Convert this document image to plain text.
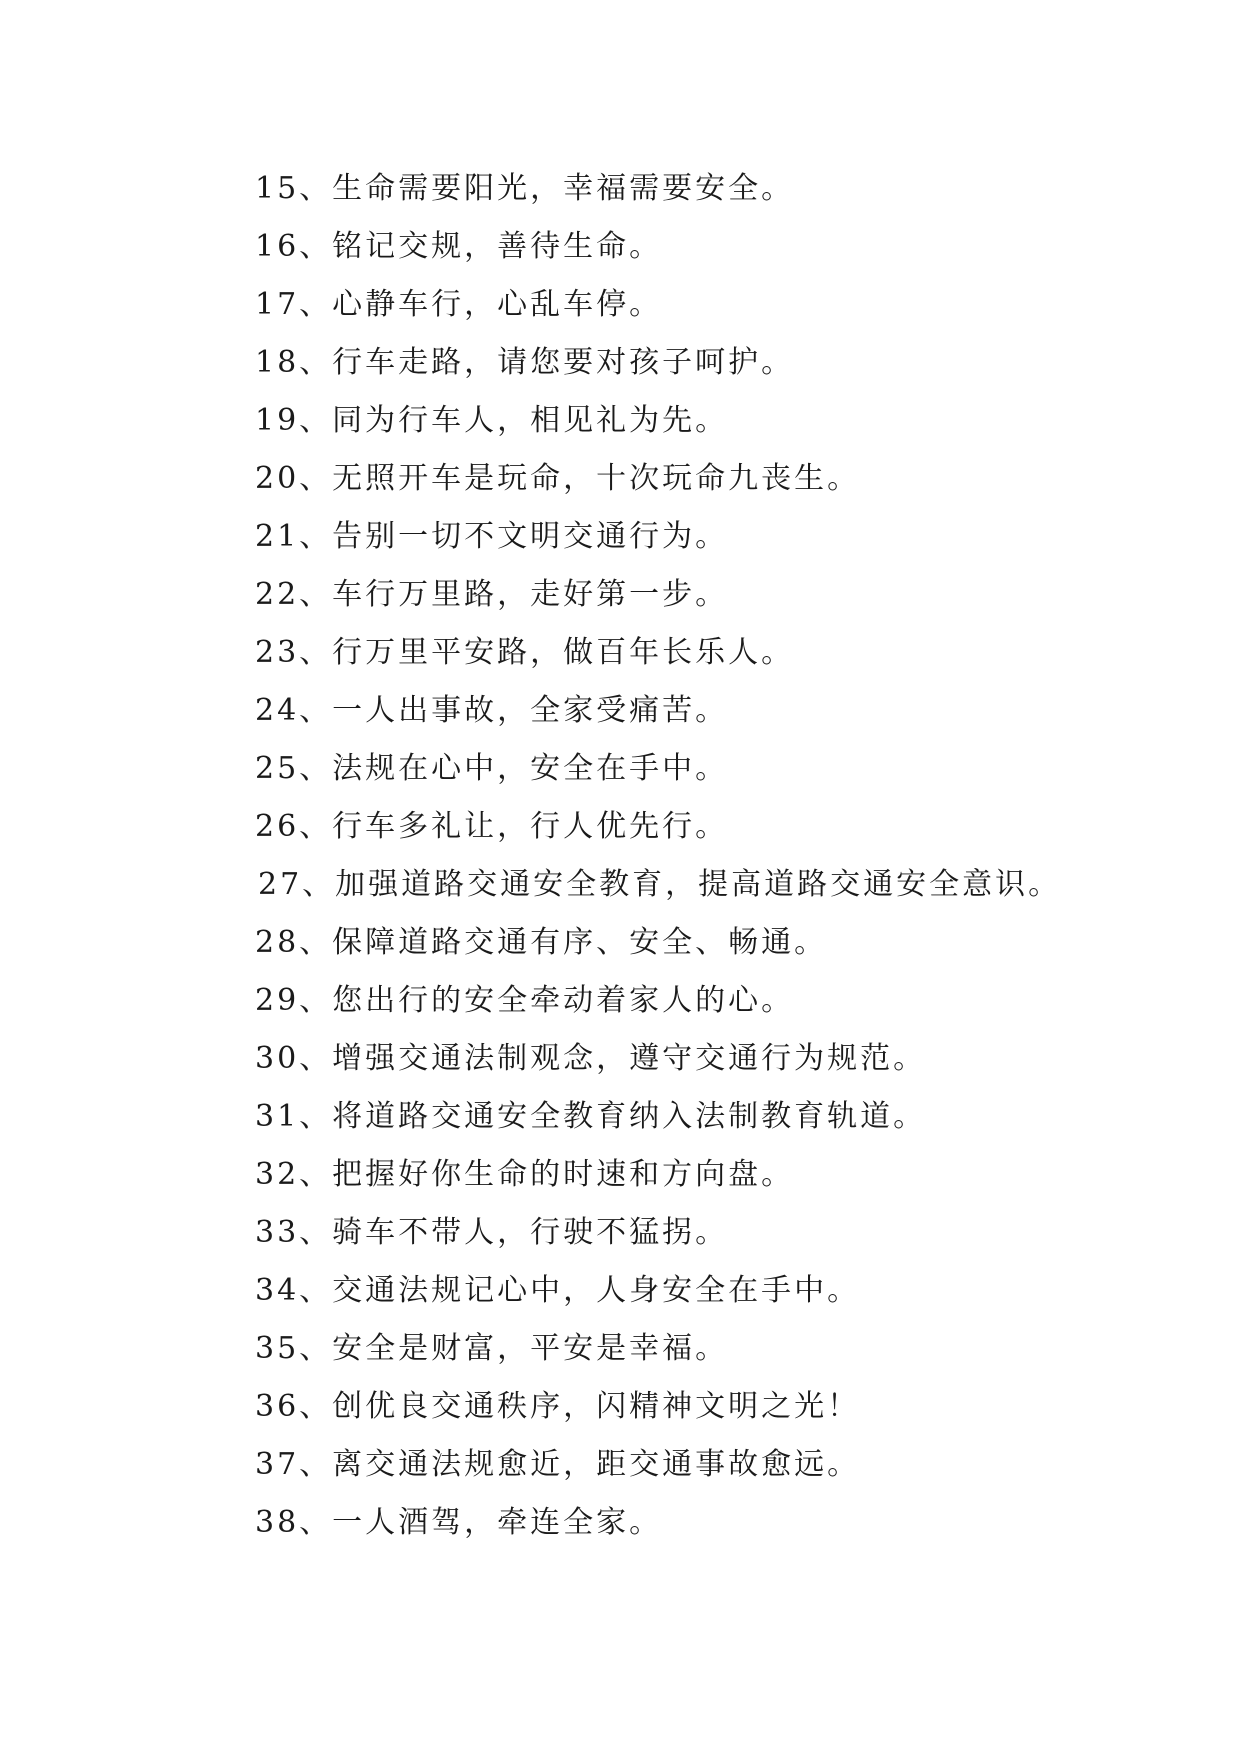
15、生命需要阳光，幸福需要安全。
16、铭记交规，善待生命。
17、心静车行，心乱车停。
18、行车走路，请您要对孩子呵护。
19、同为行车人，相见礼为先。
20、无照开车是玩命，十次玩命九丧生。
21、告别一切不文明交通行为。
22、车行万里路，走好第一步。
23、行万里平安路，做百年长乐人。
24、一人出事故，全家受痛苦。
25、法规在心中，安全在手中。
26、行车多礼让，行人优先行。
27、加强道路交通安全教育，提高道路交通安全意识。
28、保障道路交通有序、安全、畅通。
29、您出行的安全牵动着家人的心。
30、增强交通法制观念，遵守交通行为规范。
31、将道路交通安全教育纳入法制教育轨道。
32、把握好你生命的时速和方向盘。
33、骑车不带人，行驶不猛拐。
34、交通法规记心中，人身安全在手中。
35、安全是财富，平安是幸福。
36、创优良交通秩序，闪精神文明之光！
37、离交通法规愈近，距交通事故愈远。
38、一人酒驾，牵连全家。
